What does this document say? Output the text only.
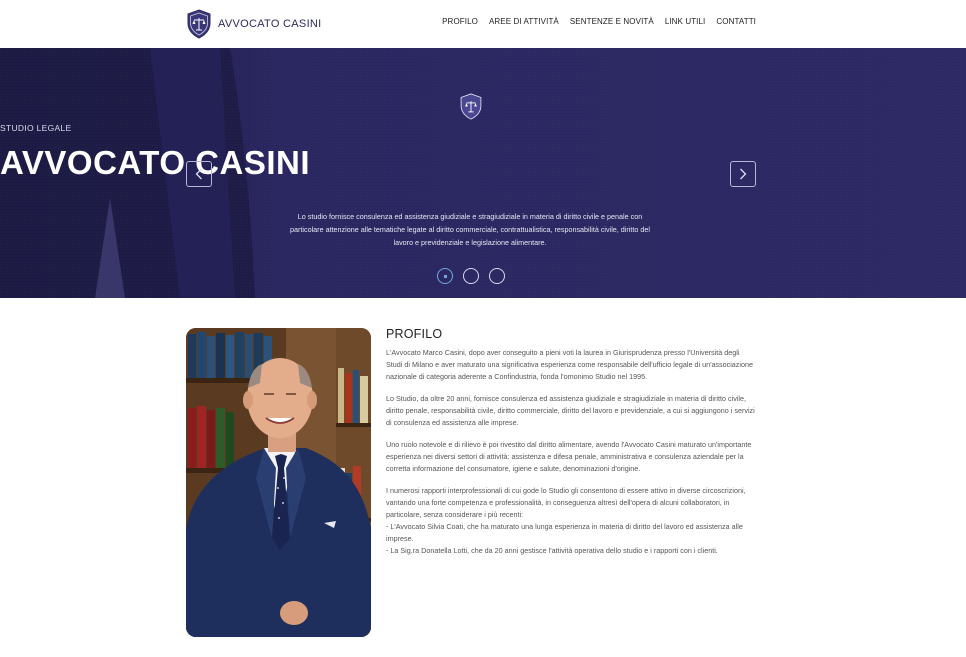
AVVOCATO CASINI	PROFILO AREE DI ATTIVITÀ SENTENZE E NOVITÀ LINK UTILI CONTATTI
STUDIO LEGALE
AVVOCATO CASINI

Lo studio fornisce consulenza ed assistenza giudiziale e stragiudiziale in materia di diritto civile e penale con particolare attenzione alle tematiche legate al diritto commerciale, contrattualistica, responsabilità civile, diritto del lavoro e previdenziale e legislazione alimentare.

PROFILO

L'Avvocato Marco Casini, dopo aver conseguito a pieni voti la laurea in Giurisprudenza presso l'Università degli Studi di Milano e aver maturato una significativa esperienza come responsabile dell'ufficio legale di un'associazione nazionale di categoria aderente a Confindustria, fonda l'omonimo Studio nel 1995.

Lo Studio, da oltre 20 anni, fornisce consulenza ed assistenza giudiziale e stragiudiziale in materia di diritto civile, diritto penale, responsabilità civile, diritto commerciale, diritto del lavoro e previdenziale, a cui si aggiungono i servizi di consulenza ed assistenza alle imprese.

Uno ruolo notevole e di rilievo è poi rivestito dal diritto alimentare, avendo l'Avvocato Casini maturato un'importante esperienza nei diversi settori di attività: assistenza e difesa penale, amministrativa e consulenza aziendale per la corretta informazione del consumatore, igiene e salute, denominazioni d'origine.

I numerosi rapporti interprofessionali di cui gode lo Studio gli consentono di essere attivo in diverse circoscrizioni, vantando una forte competenza e professionalità, in conseguenza altresì dell'opera di alcuni collaboratori, in particolare, senza considerare i più recenti:
- L'Avvocato Silvia Coati, che ha maturato una lunga esperienza in materia di diritto del lavoro ed assistenza alle imprese.
- La Sig.ra Donatella Lotti, che da 20 anni gestisce l'attività operativa dello studio e i rapporti con i clienti.
